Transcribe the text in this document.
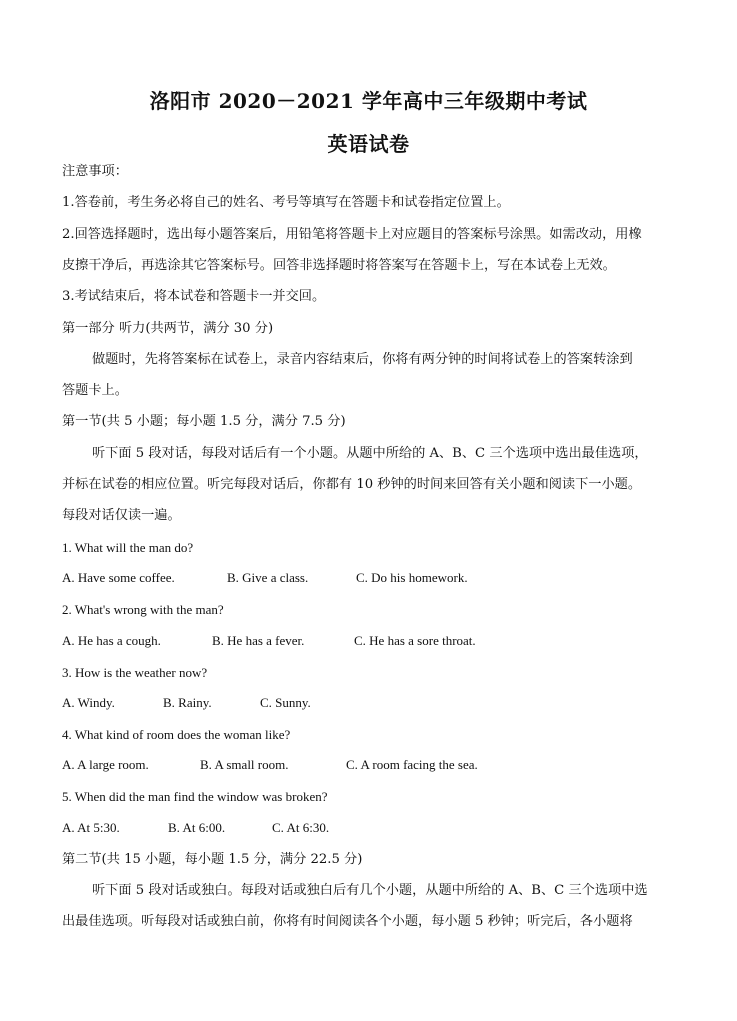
洛阳市 2020－2021 学年高中三年级期中考试
英语试卷
注意事项：
1.答卷前，考生务必将自己的姓名、考号等填写在答题卡和试卷指定位置上。
2.回答选择题时，选出每小题答案后，用铅笔将答题卡上对应题目的答案标号涂黑。如需改动，用橡
皮擦干净后，再选涂其它答案标号。回答非选择题时将答案写在答题卡上，写在本试卷上无效。
3.考试结束后，将本试卷和答题卡一并交回。
第一部分 听力(共两节，满分 30 分)
做题时，先将答案标在试卷上，录音内容结束后，你将有两分钟的时间将试卷上的答案转涂到
答题卡上。
第一节(共 5 小题；每小题 1.5 分，满分 7.5 分)
听下面 5 段对话，每段对话后有一个小题。从题中所给的 A、B、C 三个选项中选出最佳选项，
并标在试卷的相应位置。听完每段对话后，你都有 10 秒钟的时间来回答有关小题和阅读下一小题。
每段对话仅读一遍。
1. What will the man do?
A. Have some coffee.	B. Give a class.	C. Do his homework.
2. What's wrong with the man?
A. He has a cough.	B. He has a fever.	C. He has a sore throat.
3. How is the weather now?
A. Windy.	B. Rainy.	C. Sunny.
4. What kind of room does the woman like?
A. A large room.	B. A small room.	C. A room facing the sea.
5. When did the man find the window was broken?
A. At 5:30.	B. At 6:00.	C. At 6:30.
第二节(共 15 小题，每小题 1.5 分，满分 22.5 分)
听下面 5 段对话或独白。每段对话或独白后有几个小题，从题中所给的 A、B、C 三个选项中选
出最佳选项。听每段对话或独白前，你将有时间阅读各个小题，每小题 5 秒钟；听完后，各小题将
